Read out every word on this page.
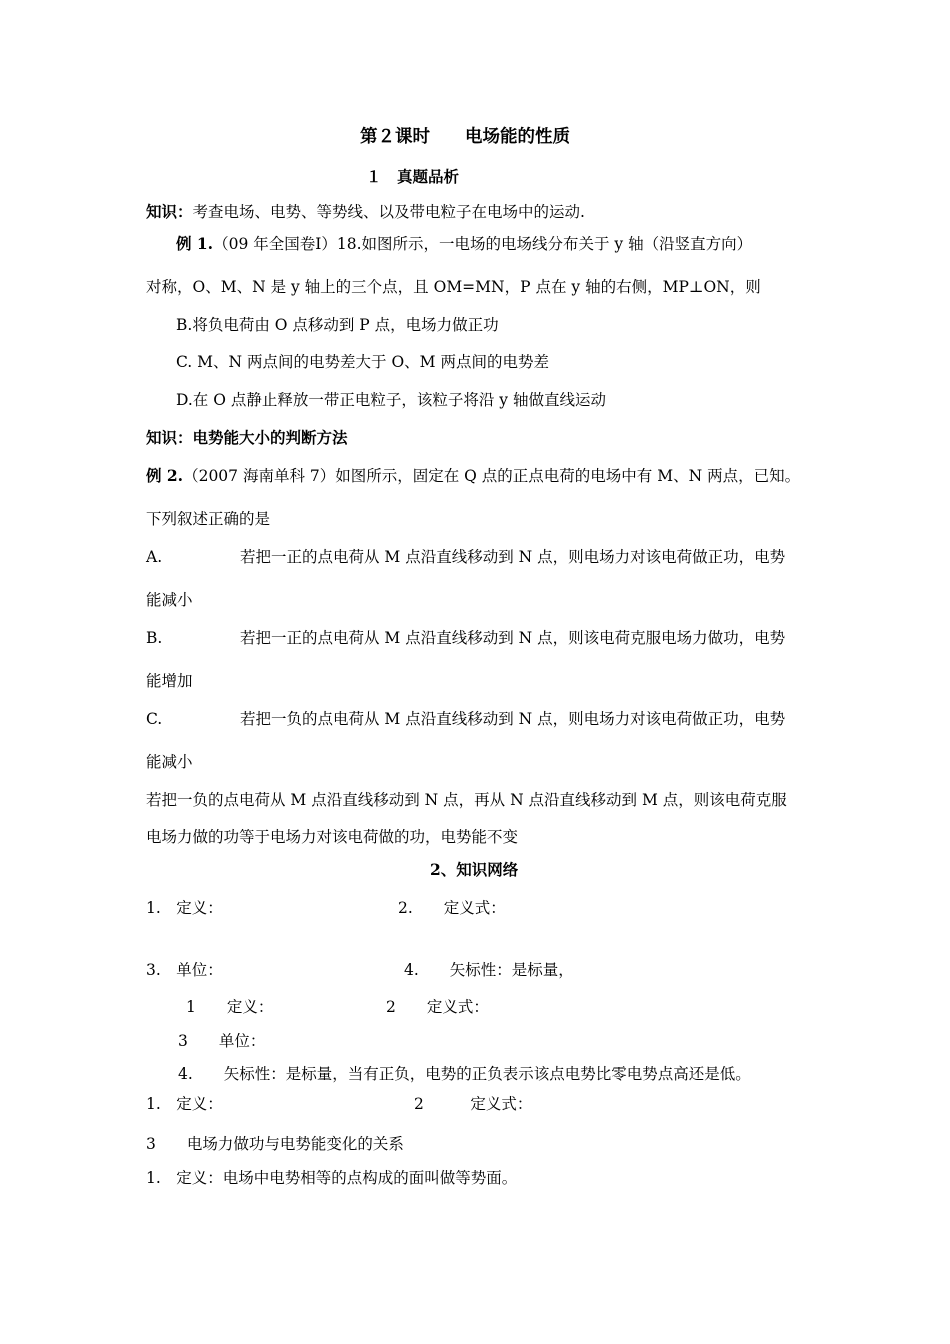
第２课时　　电场能的性质
１　真题品析
知识：考查电场、电势、等势线、以及带电粒子在电场中的运动.
例 1.（09 年全国卷Ⅰ）18.如图所示，一电场的电场线分布关于 y 轴（沿竖直方向）
对称，O、M、N 是 y 轴上的三个点，且 OM=MN，P 点在 y 轴的右侧，MP⊥ON，则
B.将负电荷由 O 点移动到 P 点，电场力做正功
C. M、N 两点间的电势差大于 O、M 两点间的电势差
D.在 O 点静止释放一带正电粒子，该粒子将沿 y 轴做直线运动
知识：电势能大小的判断方法
例 2.（2007 海南单科 7）如图所示，固定在 Q 点的正点电荷的电场中有 M、N 两点，已知。
下列叙述正确的是
A.	若把一正的点电荷从 M 点沿直线移动到 N 点，则电场力对该电荷做正功，电势
能减小
B.	若把一正的点电荷从 M 点沿直线移动到 N 点，则该电荷克服电场力做功，电势
能增加
C.	若把一负的点电荷从 M 点沿直线移动到 N 点，则电场力对该电荷做正功，电势
能减小
若把一负的点电荷从 M 点沿直线移动到 N 点，再从 N 点沿直线移动到 M 点，则该电荷克服
电场力做的功等于电场力对该电荷做的功，电势能不变
2、知识网络
1.　定义：	2.　　定义式：
3.　单位：	4.　　矢标性：是标量，
1　　定义：	2　　定义式：
3　　单位：
4.　　矢标性：是标量，当有正负，电势的正负表示该点电势比零电势点高还是低。
1.　定义：	2　　　定义式：
3　　电场力做功与电势能变化的关系
1.　定义：电场中电势相等的点构成的面叫做等势面。
